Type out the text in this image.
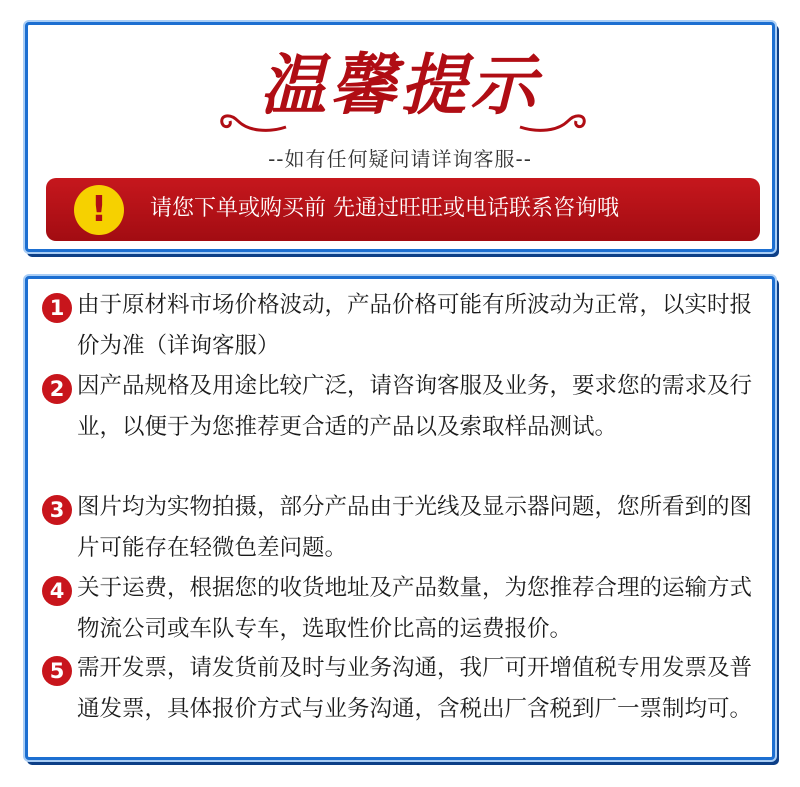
温馨提示
--如有任何疑问请详询客服--
!	请您下单或购买前 先通过旺旺或电话联系咨询哦
1 由于原材料市场价格波动，产品价格可能有所波动为正常，以实时报价为准（详询客服）
2 因产品规格及用途比较广泛，请咨询客服及业务，要求您的需求及行业，以便于为您推荐更合适的产品以及索取样品测试。
3 图片均为实物拍摄，部分产品由于光线及显示器问题，您所看到的图片可能存在轻微色差问题。
4 关于运费，根据您的收货地址及产品数量，为您推荐合理的运输方式物流公司或车队专车，选取性价比高的运费报价。
5 需开发票，请发货前及时与业务沟通，我厂可开增值税专用发票及普通发票，具体报价方式与业务沟通，含税出厂含税到厂一票制均可。
